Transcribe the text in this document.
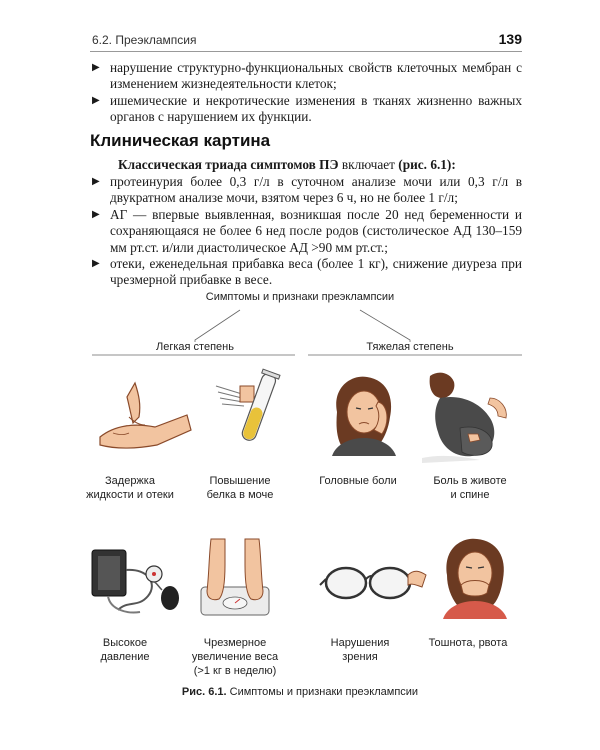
6.2. Преэклампсия	139
▶ нарушение структурно-функциональных свойств клеточных мембран с изменением жизнедеятельности клеток;
▶ ишемические и некротические изменения в тканях жизненно важных органов с нарушением их функции.
Клиническая картина
Классическая триада симптомов ПЭ включает (рис. 6.1):
▶ протеинурия более 0,3 г/л в суточном анализе мочи или 0,3 г/л в двукратном анализе мочи, взятом через 6 ч, но не более 1 г/л;
▶ АГ — впервые выявленная, возникшая после 20 нед беременности и сохраняющаяся не более 6 нед после родов (систолическое АД 130–159 мм рт.ст. и/или диастолическое АД >90 мм рт.ст.;
▶ отеки, еженедельная прибавка веса (более 1 кг), снижение диуреза при чрезмерной прибавке в весе.
Симптомы и признаки преэклампсии
Легкая степень	Тяжелая степень
Задержка
жидкости и отеки
Повышение
белка в моче
Головные боли	Боль в животе
и спине
Высокое
давление
Чрезмерное
увеличение веса
(>1 кг в неделю)
Нарушения
зрения
Тошнота, рвота
Рис. 6.1. Симптомы и признаки преэклампсии
